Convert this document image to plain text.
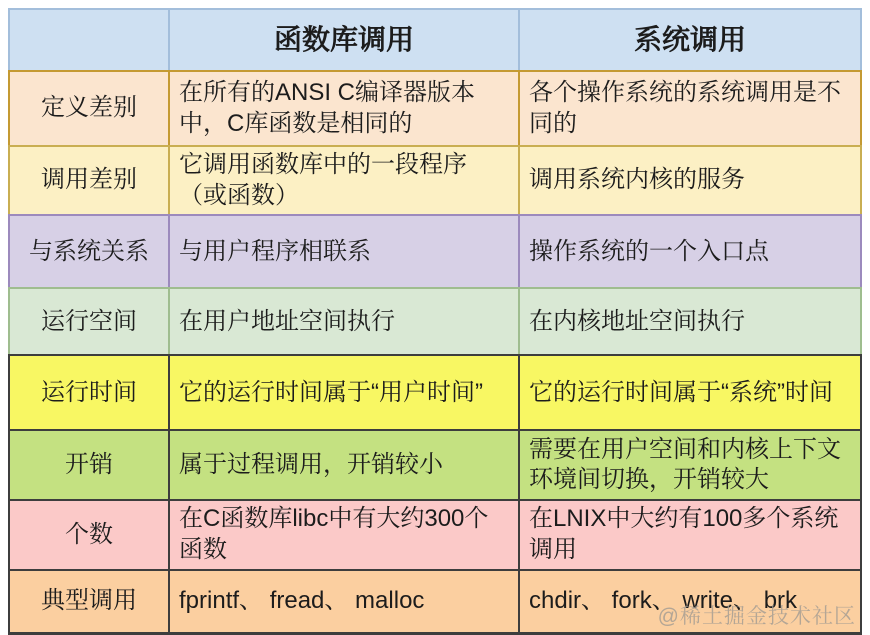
	函数库调用	系统调用
定义差别	在所有的ANSI C编译器版本中，C库函数是相同的	各个操作系统的系统调用是不同的
调用差别	它调用函数库中的一段程序（或函数）	调用系统内核的服务
与系统关系	与用户程序相联系	操作系统的一个入口点
运行空间	在用户地址空间执行	在内核地址空间执行
运行时间	它的运行时间属于“用户时间”	它的运行时间属于“系统”时间
开销	属于过程调用，开销较小	需要在用户空间和内核上下文环境间切换，开销较大
个数	在C函数库libc中有大约300个函数	在LNIX中大约有100多个系统调用
典型调用	fprintf、 fread、 malloc	chdir、 fork、 write、 brk
@稀土掘金技术社区
